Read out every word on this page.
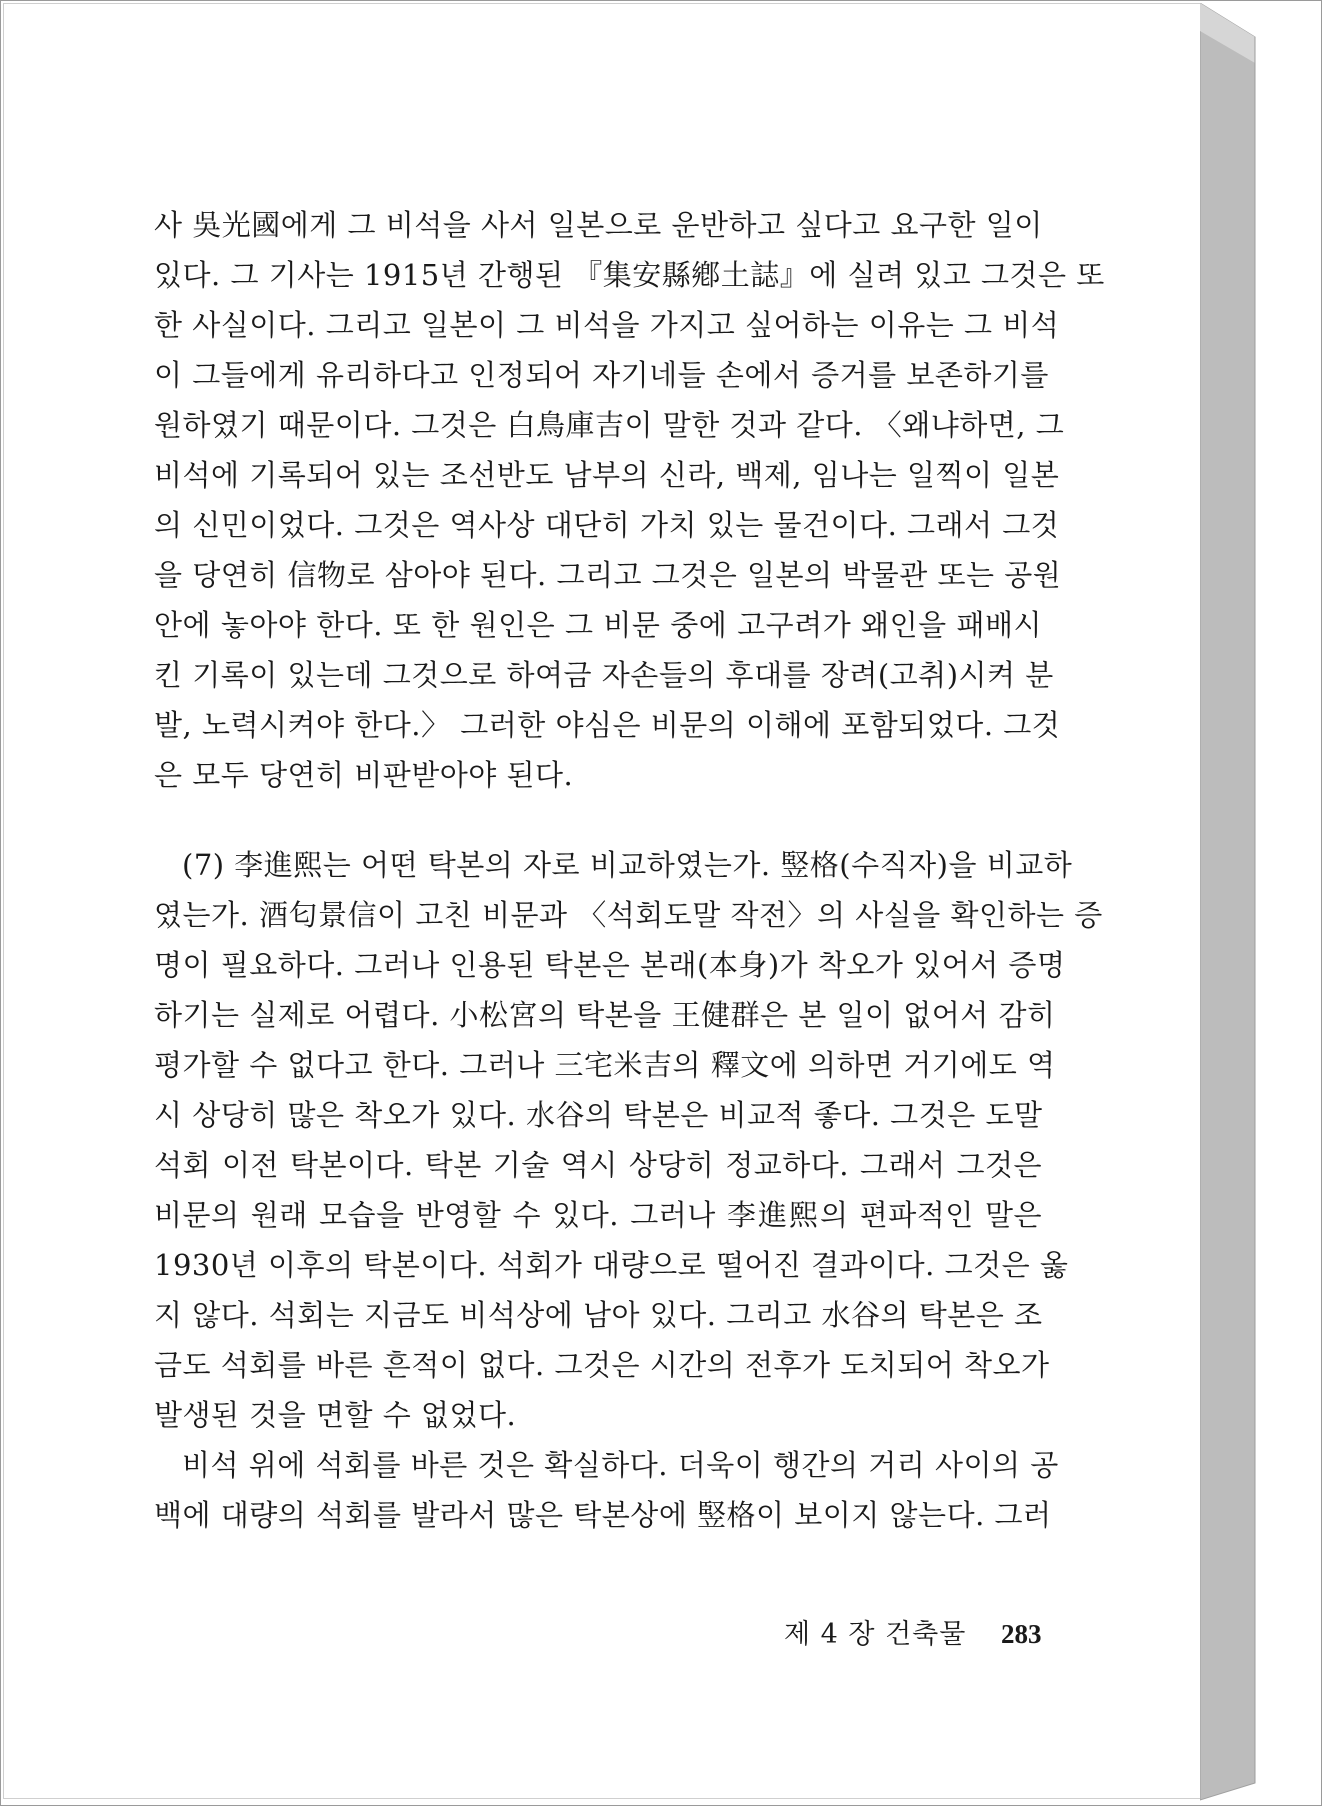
사 吳光國에게 그 비석을 사서 일본으로 운반하고 싶다고 요구한 일이
있다. 그 기사는 1915년 간행된 『集安縣鄕土誌』에 실려 있고 그것은 또
한 사실이다. 그리고 일본이 그 비석을 가지고 싶어하는 이유는 그 비석
이 그들에게 유리하다고 인정되어 자기네들 손에서 증거를 보존하기를
원하였기 때문이다. 그것은 白鳥庫吉이 말한 것과 같다. 〈왜냐하면, 그
비석에 기록되어 있는 조선반도 남부의 신라, 백제, 임나는 일찍이 일본
의 신민이었다. 그것은 역사상 대단히 가치 있는 물건이다. 그래서 그것
을 당연히 信物로 삼아야 된다. 그리고 그것은 일본의 박물관 또는 공원
안에 놓아야 한다. 또 한 원인은 그 비문 중에 고구려가 왜인을 패배시
킨 기록이 있는데 그것으로 하여금 자손들의 후대를 장려(고취)시켜 분
발, 노력시켜야 한다.〉 그러한 야심은 비문의 이해에 포함되었다. 그것
은 모두 당연히 비판받아야 된다.
(7) 李進熙는 어떤 탁본의 자로 비교하였는가. 竪格(수직자)을 비교하
였는가. 酒匂景信이 고친 비문과 〈석회도말 작전〉의 사실을 확인하는 증
명이 필요하다. 그러나 인용된 탁본은 본래(本身)가 착오가 있어서 증명
하기는 실제로 어렵다. 小松宮의 탁본을 王健群은 본 일이 없어서 감히
평가할 수 없다고 한다. 그러나 三宅米吉의 釋文에 의하면 거기에도 역
시 상당히 많은 착오가 있다. 水谷의 탁본은 비교적 좋다. 그것은 도말
석회 이전 탁본이다. 탁본 기술 역시 상당히 정교하다. 그래서 그것은
비문의 원래 모습을 반영할 수 있다. 그러나 李進熙의 편파적인 말은
1930년 이후의 탁본이다. 석회가 대량으로 떨어진 결과이다. 그것은 옳
지 않다. 석회는 지금도 비석상에 남아 있다. 그리고 水谷의 탁본은 조
금도 석회를 바른 흔적이 없다. 그것은 시간의 전후가 도치되어 착오가
발생된 것을 면할 수 없었다.
비석 위에 석회를 바른 것은 확실하다. 더욱이 행간의 거리 사이의 공
백에 대량의 석회를 발라서 많은 탁본상에 竪格이 보이지 않는다. 그러
제 4 장 건축물 283
